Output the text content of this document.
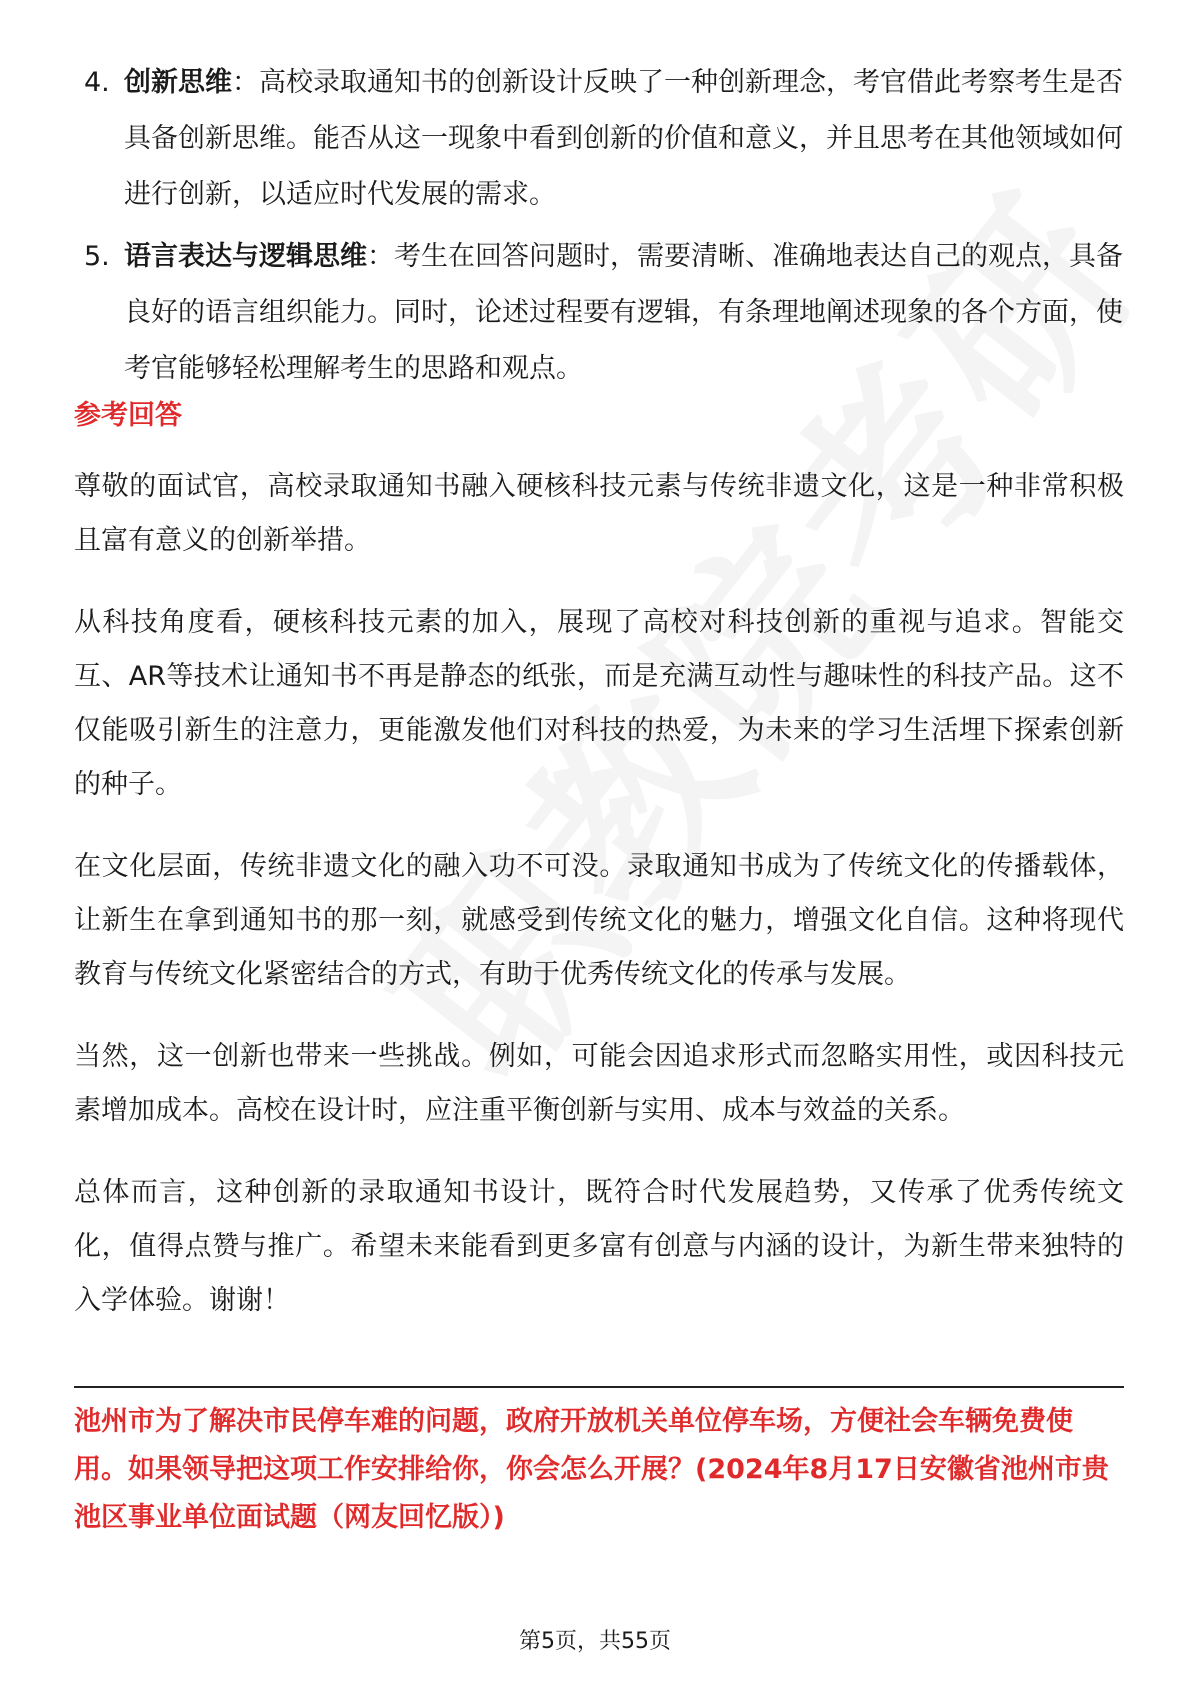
4. 创新思维：高校录取通知书的创新设计反映了一种创新理念，考官借此考察考生是否具备创新思维。能否从这一现象中看到创新的价值和意义，并且思考在其他领域如何进行创新，以适应时代发展的需求。
5. 语言表达与逻辑思维：考生在回答问题时，需要清晰、准确地表达自己的观点，具备良好的语言组织能力。同时，论述过程要有逻辑，有条理地阐述现象的各个方面，使考官能够轻松理解考生的思路和观点。
参考回答

尊敬的面试官，高校录取通知书融入硬核科技元素与传统非遗文化，这是一种非常积极且富有意义的创新举措。

从科技角度看，硬核科技元素的加入，展现了高校对科技创新的重视与追求。智能交互、AR等技术让通知书不再是静态的纸张，而是充满互动性与趣味性的科技产品。这不仅能吸引新生的注意力，更能激发他们对科技的热爱，为未来的学习生活埋下探索创新的种子。

在文化层面，传统非遗文化的融入功不可没。录取通知书成为了传统文化的传播载体，让新生在拿到通知书的那一刻，就感受到传统文化的魅力，增强文化自信。这种将现代教育与传统文化紧密结合的方式，有助于优秀传统文化的传承与发展。

当然，这一创新也带来一些挑战。例如，可能会因追求形式而忽略实用性，或因科技元素增加成本。高校在设计时，应注重平衡创新与实用、成本与效益的关系。

总体而言，这种创新的录取通知书设计，既符合时代发展趋势，又传承了优秀传统文化，值得点赞与推广。希望未来能看到更多富有创意与内涵的设计，为新生带来独特的入学体验。谢谢！

池州市为了解决市民停车难的问题，政府开放机关单位停车场，方便社会车辆免费使用。如果领导把这项工作安排给你，你会怎么开展？(2024年8月17日安徽省池州市贵池区事业单位面试题（网友回忆版）)
第5页，共55页
